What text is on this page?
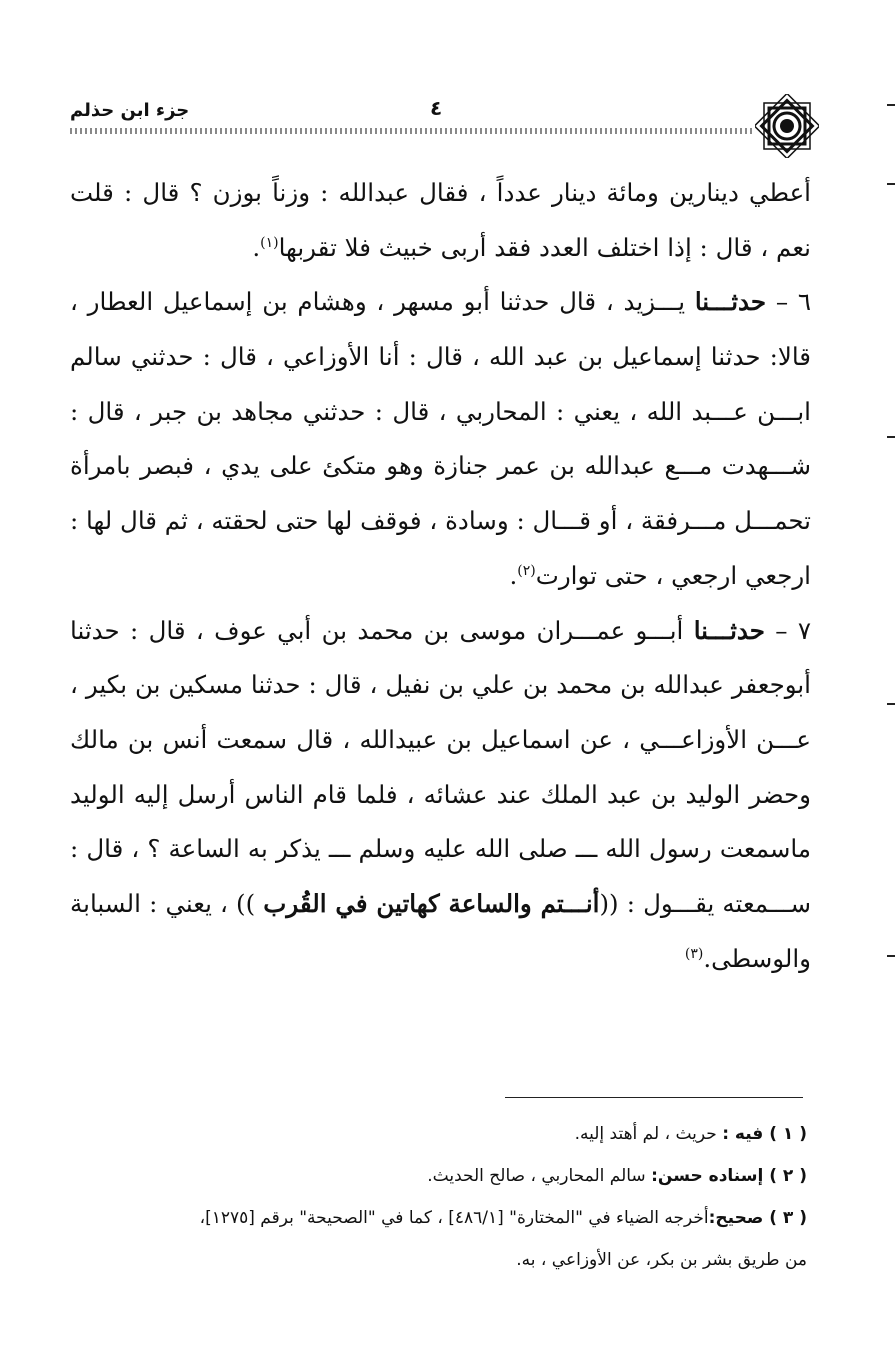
٤
جزء ابن حذلم
أعطي دينارين ومائة دينار عدداً ، فقال عبدالله : وزناً بوزن ؟ قال : قلت
نعم ، قال : إذا اختلف العدد فقد أربى خبيث فلا تقربها$^{(١)}$.
٦ – حدثـــنا يـــزيد ، قال حدثنا أبو مسهر ، وهشام بن إسماعيل العطار ،
قالا: حدثنا إسماعيل بن عبد الله ، قال : أنا الأوزاعي ، قال : حدثني سالم
ابـــن عـــبد الله ، يعني : المحاربي ، قال : حدثني مجاهد بن جبر ، قال :
شـــهدت مـــع عبدالله بن عمر جنازة وهو متكئ على يدي ، فبصر بامرأة
تحمـــل مـــرفقة ، أو قـــال : وسادة ، فوقف لها حتى لحقته ، ثم قال لها :
ارجعي ارجعي ، حتى توارت$^{(٢)}$.
٧ – حدثـــنا أبـــو عمـــران موسى بن محمد بن أبي عوف ، قال : حدثنا
أبوجعفر عبدالله بن محمد بن علي بن نفيل ، قال : حدثنا مسكين بن بكير ،
عـــن الأوزاعـــي ، عن اسماعيل بن عبيدالله ، قال سمعت أنس بن مالك
وحضر الوليد بن عبد الملك عند عشائه ، فلما قام الناس أرسل إليه الوليد
ماسمعت رسول الله ـــ صلى الله عليه وسلم ـــ يذكر به الساعة ؟ ، قال :
ســـمعته يقـــول : ((أنـــتم والساعة كهاتين في القُرب )) ، يعني : السبابة
والوسطى.$^{(٣)}$
( ١ ) فيه : حريث ، لم أهتد إليه.
( ٢ ) إسناده حسن: سالم المحاربي ، صالح الحديث.
( ٣ ) صحيح:أخرجه الضياء في "المختارة" [٤٨٦/١] ، كما في "الصحيحة" برقم [١٢٧٥]،
من طريق بشر بن بكر، عن الأوزاعي ، به.
